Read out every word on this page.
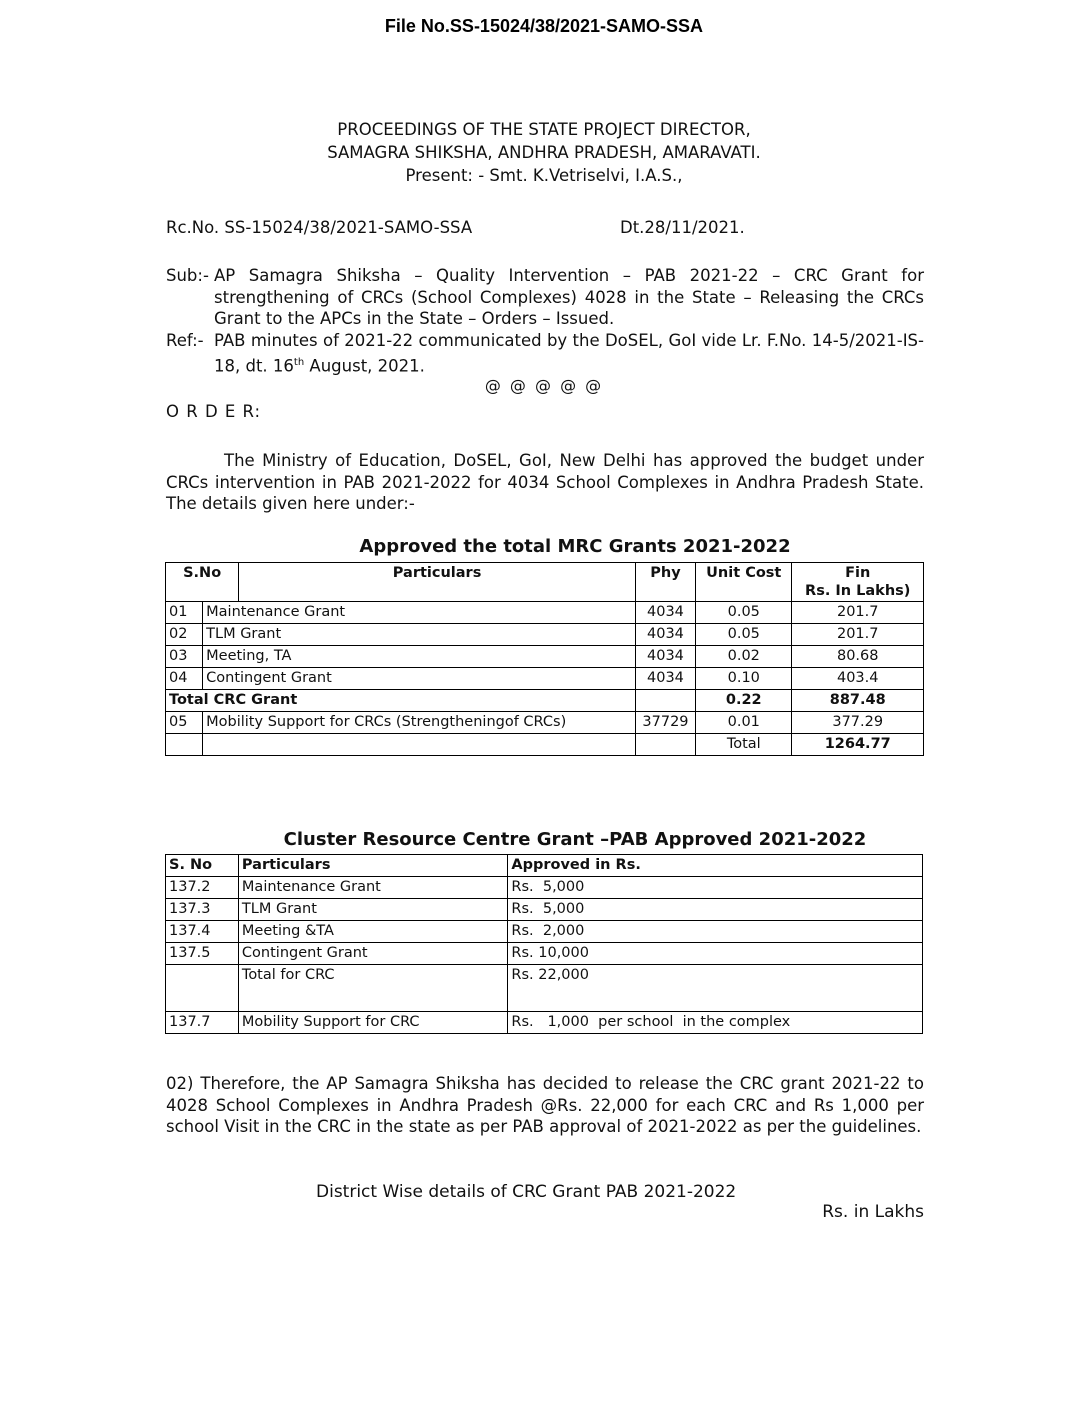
File No.SS-15024/38/2021-SAMO-SSA
PROCEEDINGS OF THE STATE PROJECT DIRECTOR,
SAMAGRA SHIKSHA, ANDHRA PRADESH, AMARAVATI.
Present: - Smt. K.Vetriselvi, I.A.S.,
Rc.No. SS-15024/38/2021-SAMO-SSA	Dt.28/11/2021.
Sub:- AP Samagra Shiksha – Quality Intervention – PAB 2021-22 – CRC Grant for strengthening of CRCs (School Complexes) 4028 in the State – Releasing the CRCs Grant to the APCs in the State – Orders – Issued.
Ref:- PAB minutes of 2021-22 communicated by the DoSEL, GoI vide Lr. F.No. 14-5/2021-IS-18, dt. 16th August, 2021.
@ @ @ @ @
O R D E R:
The Ministry of Education, DoSEL, GoI, New Delhi has approved the budget under CRCs intervention in PAB 2021-2022 for 4034 School Complexes in Andhra Pradesh State. The details given here under:-
Approved the total MRC Grants 2021-2022
S.No		Particulars	Phy	Unit Cost	Fin
Rs. In Lakhs)
01	Maintenance Grant		4034	0.05	201.7
02	TLM Grant		4034	0.05	201.7
03	Meeting, TA		4034	0.02	80.68
04	Contingent Grant		4034	0.10	403.4
Total CRC Grant				0.22	887.48
05	Mobility Support for CRCs (Strengtheningof CRCs)		37729	0.01	377.29
				Total	1264.77
Cluster Resource Centre Grant –PAB Approved 2021-2022
S. No	Particulars	Approved in Rs.
137.2	Maintenance Grant	Rs.  5,000
137.3	TLM Grant	Rs.  5,000
137.4	Meeting &TA	Rs.  2,000
137.5	Contingent Grant	Rs. 10,000
	Total for CRC	Rs. 22,000
137.7	Mobility Support for CRC	Rs.   1,000  per school  in the complex
02) Therefore, the AP Samagra Shiksha has decided to release the CRC grant 2021-22 to 4028 School Complexes in Andhra Pradesh @Rs. 22,000 for each CRC and Rs 1,000 per school Visit in the CRC in the state as per PAB approval of 2021-2022 as per the guidelines.
District Wise details of CRC Grant PAB 2021-2022
Rs. in Lakhs
